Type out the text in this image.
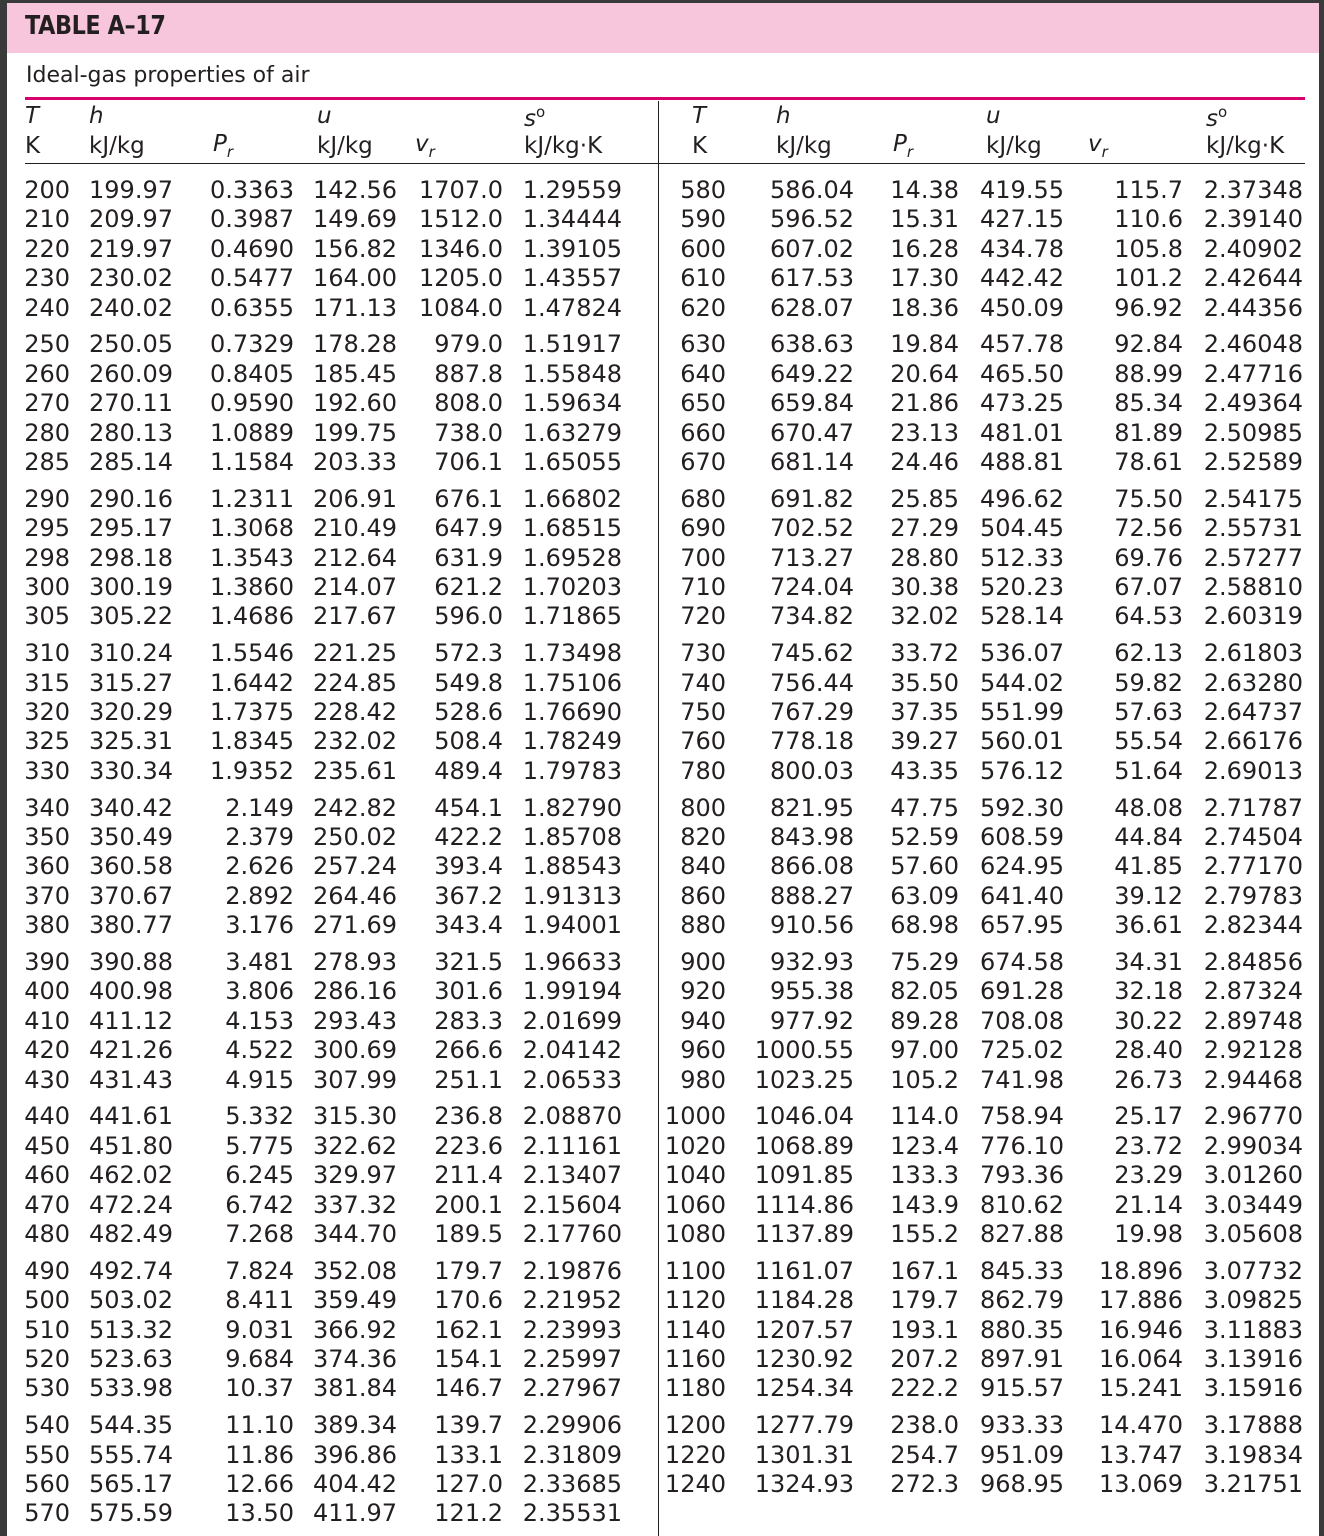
TABLE A–17
Ideal-gas properties of air
T
K
h
kJ/kg	$P_r$
u
kJ/kg $v_r$
$s^o$
kJ/kg·K
T
K
h
kJ/kg	$P_r$
u
kJ/kg $v_r$
$s^o$
kJ/kg·K
200 199.97 0.3363 142.56 1707.0 1.29559
210 209.97 0.3987 149.69 1512.0 1.34444
220 219.97 0.4690 156.82 1346.0 1.39105
230 230.02 0.5477 164.00 1205.0 1.43557
240 240.02 0.6355 171.13 1084.0 1.47824
250 250.05 0.7329 178.28 979.0 1.51917
260 260.09 0.8405 185.45 887.8 1.55848
270 270.11 0.9590 192.60 808.0 1.59634
280 280.13 1.0889 199.75 738.0 1.63279
285 285.14 1.1584 203.33 706.1 1.65055
290 290.16 1.2311 206.91 676.1 1.66802
295 295.17 1.3068 210.49 647.9 1.68515
298 298.18 1.3543 212.64 631.9 1.69528
300 300.19 1.3860 214.07 621.2 1.70203
305 305.22 1.4686 217.67 596.0 1.71865
310 310.24 1.5546 221.25 572.3 1.73498
315 315.27 1.6442 224.85 549.8 1.75106
320 320.29 1.7375 228.42 528.6 1.76690
325 325.31 1.8345 232.02 508.4 1.78249
330 330.34 1.9352 235.61 489.4 1.79783
340 340.42 2.149 242.82 454.1 1.82790
350 350.49 2.379 250.02 422.2 1.85708
360 360.58 2.626 257.24 393.4 1.88543
370 370.67 2.892 264.46 367.2 1.91313
380 380.77 3.176 271.69 343.4 1.94001
390 390.88 3.481 278.93 321.5 1.96633
400 400.98 3.806 286.16 301.6 1.99194
410 411.12 4.153 293.43 283.3 2.01699
420 421.26 4.522 300.69 266.6 2.04142
430 431.43 4.915 307.99 251.1 2.06533
440 441.61 5.332 315.30 236.8 2.08870
450 451.80 5.775 322.62 223.6 2.11161
460 462.02 6.245 329.97 211.4 2.13407
470 472.24 6.742 337.32 200.1 2.15604
480 482.49 7.268 344.70 189.5 2.17760
490 492.74 7.824 352.08 179.7 2.19876
500 503.02 8.411 359.49 170.6 2.21952
510 513.32 9.031 366.92 162.1 2.23993
520 523.63 9.684 374.36 154.1 2.25997
530 533.98 10.37 381.84 146.7 2.27967
540 544.35 11.10 389.34 139.7 2.29906
550 555.74 11.86 396.86 133.1 2.31809
560 565.17 12.66 404.42 127.0 2.33685
570 575.59 13.50 411.97 121.2 2.35531
580 586.04 14.38 419.55 115.7 2.37348
590 596.52 15.31 427.15 110.6 2.39140
600 607.02 16.28 434.78 105.8 2.40902
610 617.53 17.30 442.42 101.2 2.42644
620 628.07 18.36 450.09 96.92 2.44356
630 638.63 19.84 457.78 92.84 2.46048
640 649.22 20.64 465.50 88.99 2.47716
650 659.84 21.86 473.25 85.34 2.49364
660 670.47 23.13 481.01 81.89 2.50985
670 681.14 24.46 488.81 78.61 2.52589
680 691.82 25.85 496.62 75.50 2.54175
690 702.52 27.29 504.45 72.56 2.55731
700 713.27 28.80 512.33 69.76 2.57277
710 724.04 30.38 520.23 67.07 2.58810
720 734.82 32.02 528.14 64.53 2.60319
730 745.62 33.72 536.07 62.13 2.61803
740 756.44 35.50 544.02 59.82 2.63280
750 767.29 37.35 551.99 57.63 2.64737
760 778.18 39.27 560.01 55.54 2.66176
780 800.03 43.35 576.12 51.64 2.69013
800 821.95 47.75 592.30 48.08 2.71787
820 843.98 52.59 608.59 44.84 2.74504
840 866.08 57.60 624.95 41.85 2.77170
860 888.27 63.09 641.40 39.12 2.79783
880 910.56 68.98 657.95 36.61 2.82344
900 932.93 75.29 674.58 34.31 2.84856
920 955.38 82.05 691.28 32.18 2.87324
940 977.92 89.28 708.08 30.22 2.89748
960 1000.55 97.00 725.02 28.40 2.92128
980 1023.25 105.2 741.98 26.73 2.94468
1000 1046.04 114.0 758.94 25.17 2.96770
1020 1068.89 123.4 776.10 23.72 2.99034
1040 1091.85 133.3 793.36 23.29 3.01260
1060 1114.86 143.9 810.62 21.14 3.03449
1080 1137.89 155.2 827.88 19.98 3.05608
1100 1161.07 167.1 845.33 18.896 3.07732
1120 1184.28 179.7 862.79 17.886 3.09825
1140 1207.57 193.1 880.35 16.946 3.11883
1160 1230.92 207.2 897.91 16.064 3.13916
1180 1254.34 222.2 915.57 15.241 3.15916
1200 1277.79 238.0 933.33 14.470 3.17888
1220 1301.31 254.7 951.09 13.747 3.19834
1240 1324.93 272.3 968.95 13.069 3.21751
